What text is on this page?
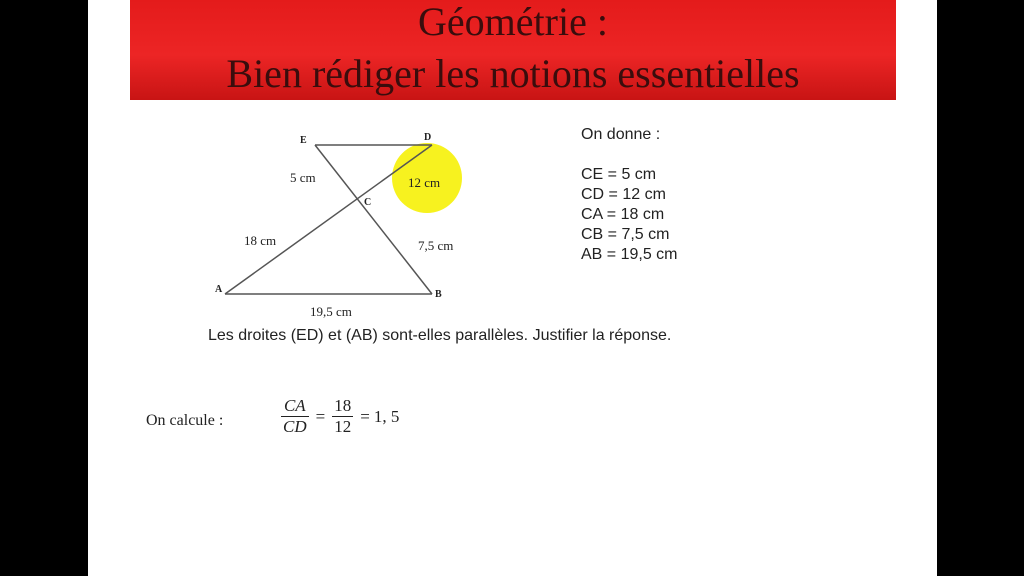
Géométrie :
Bien rédiger les notions essentielles
E	D
C
A	B
5 cm	12 cm
18 cm	7,5 cm
19,5 cm
On donne :
CE = 5 cm
CD = 12 cm
CA = 18 cm
CB = 7,5 cm
AB = 19,5 cm
Les droites (ED) et (AB) sont-elles parallèles. Justifier la réponse.
On calcule :	$\frac{CA}{CD} = \frac{18}{12} = 1$, 5
